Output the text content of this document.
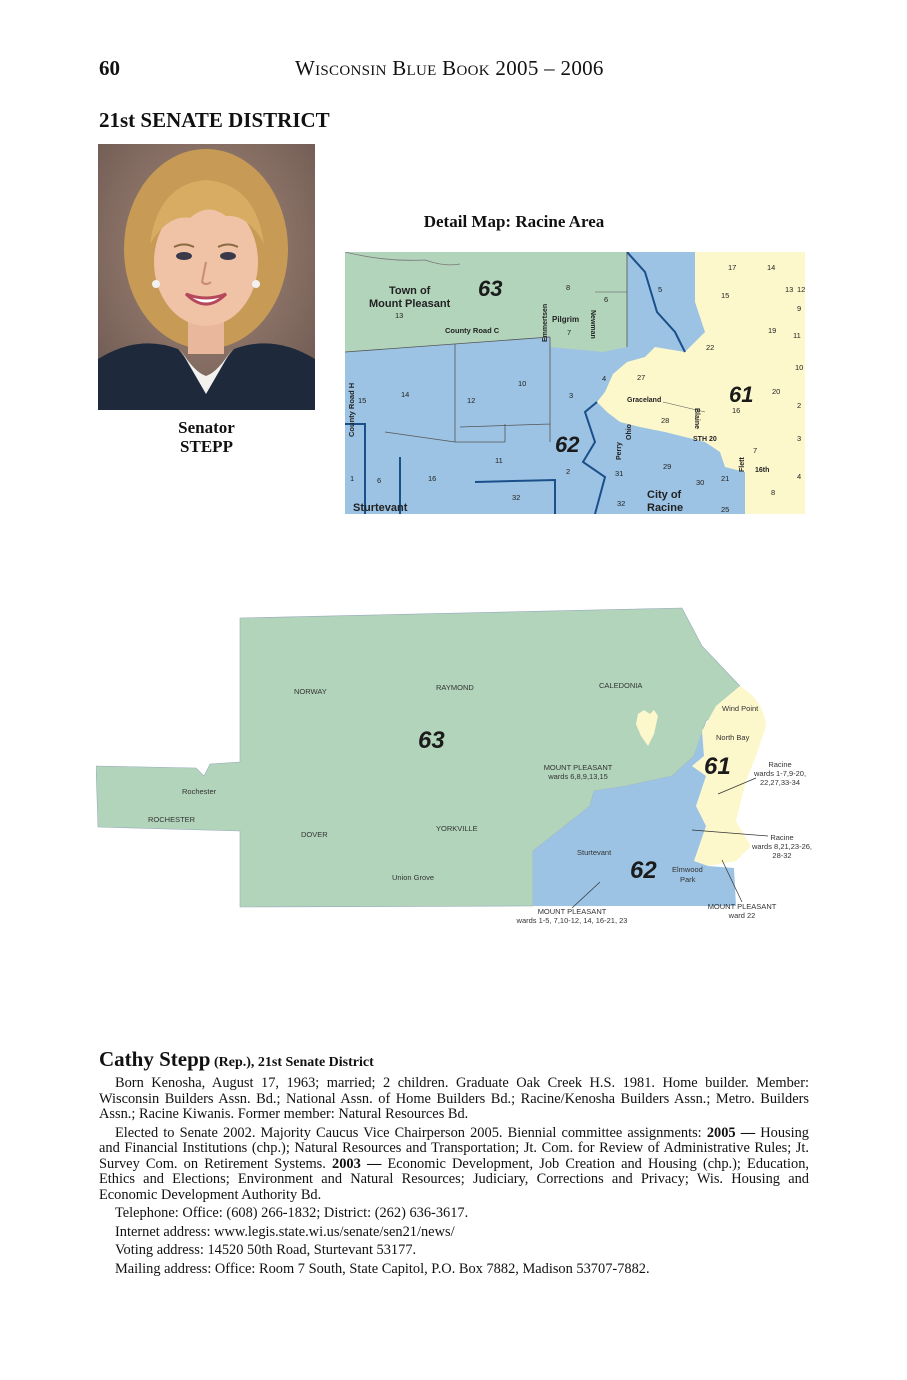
60	Wisconsin Blue Book 2005 – 2006
21st SENATE DISTRICT
Senator
STEPP
Detail Map: Racine Area
63
62
61
Town of
Mount Pleasant
Sturtevant
City of
Racine
Graceland
Pilgrim
County Road C
County Road H
Emmertsen	Newman
Perry
Ohio
Blaine
STH 20
Flett 16th
13
8
6
5
17	14
13 12
15
9
7	19
11
22
10
15
14
12
10
4	27
3	20
2
16
28
3
7
11
1	6	16
2	31
29
30 21	4
8
32
32
25
63
62
61
NORWAY	RAYMOND	CALEDONIA
Wind Point
North Bay
Rochester
ROCHESTER
DOVER
YORKVILLE
Union Grove
Sturtevant
Elmwood
Park
MOUNT PLEASANT
wards 6,8,9,13,15
Racine
wards 1-7,9-20,
22,27,33-34
Racine
wards 8,21,23-26,
28-32
MOUNT PLEASANT
wards 1-5, 7,10-12, 14, 16-21, 23
MOUNT PLEASANT
ward 22
Cathy Stepp (Rep.), 21st Senate District

Born Kenosha, August 17, 1963; married; 2 children. Graduate Oak Creek H.S. 1981. Home builder. Member: Wisconsin Builders Assn. Bd.; National Assn. of Home Builders Bd.; Racine/Kenosha Builders Assn.; Metro. Builders Assn.; Racine Kiwanis. Former member: Natural Resources Bd.

Elected to Senate 2002. Majority Caucus Vice Chairperson 2005. Biennial committee assignments: 2005 — Housing and Financial Institutions (chp.); Natural Resources and Transportation; Jt. Com. for Review of Administrative Rules; Jt. Survey Com. on Retirement Systems. 2003 — Economic Development, Job Creation and Housing (chp.); Education, Ethics and Elections; Environment and Natural Resources; Judiciary, Corrections and Privacy; Wis. Housing and Economic Development Authority Bd.

Telephone: Office: (608) 266-1832; District: (262) 636-3617.

Internet address: www.legis.state.wi.us/senate/sen21/news/

Voting address: 14520 50th Road, Sturtevant 53177.

Mailing address: Office: Room 7 South, State Capitol, P.O. Box 7882, Madison 53707-7882.
